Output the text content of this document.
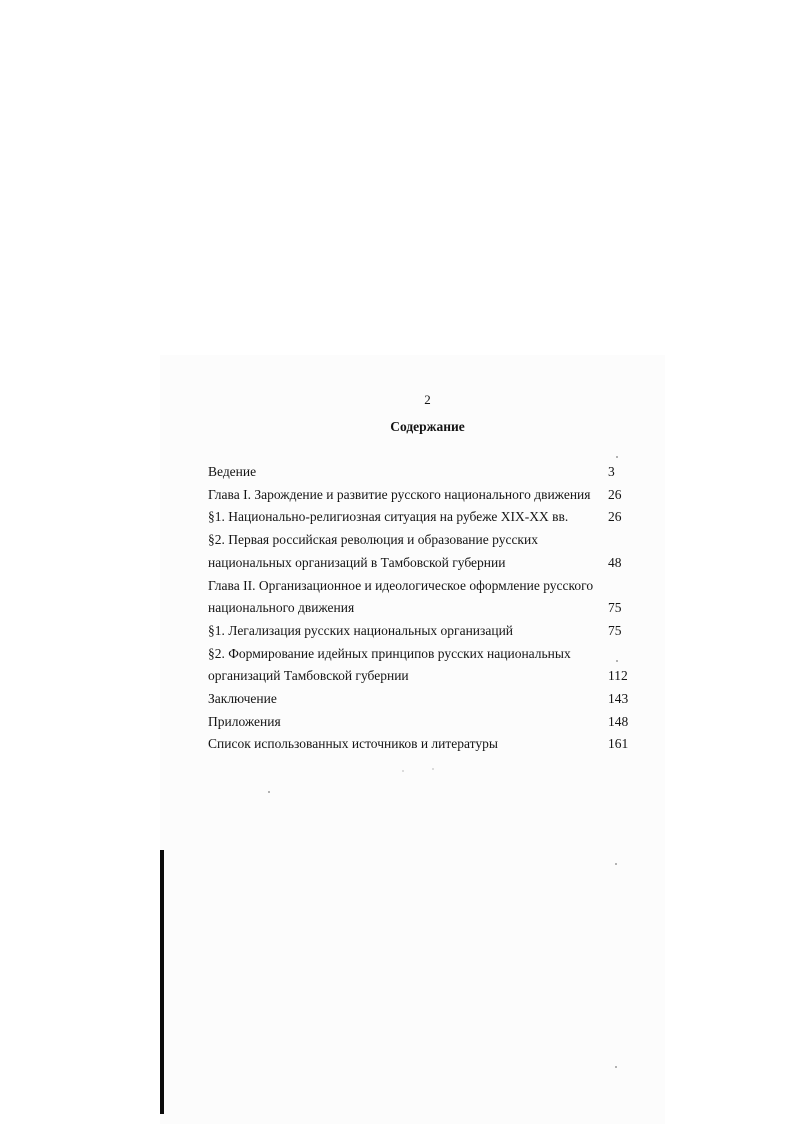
2
Содержание
Ведение	3
Глава I. Зарождение и развитие русского национального движения	26
§1. Национально-религиозная ситуация на рубеже XIX-XX вв.	26
§2. Первая российская революция и образование русских национальных организаций в Тамбовской губернии	48
Глава II. Организационное и идеологическое оформление русского национального движения	75
§1. Легализация русских национальных организаций	75
§2. Формирование идейных принципов русских национальных организаций Тамбовской губернии	112
Заключение	143
Приложения	148
Список использованных источников и литературы	161
